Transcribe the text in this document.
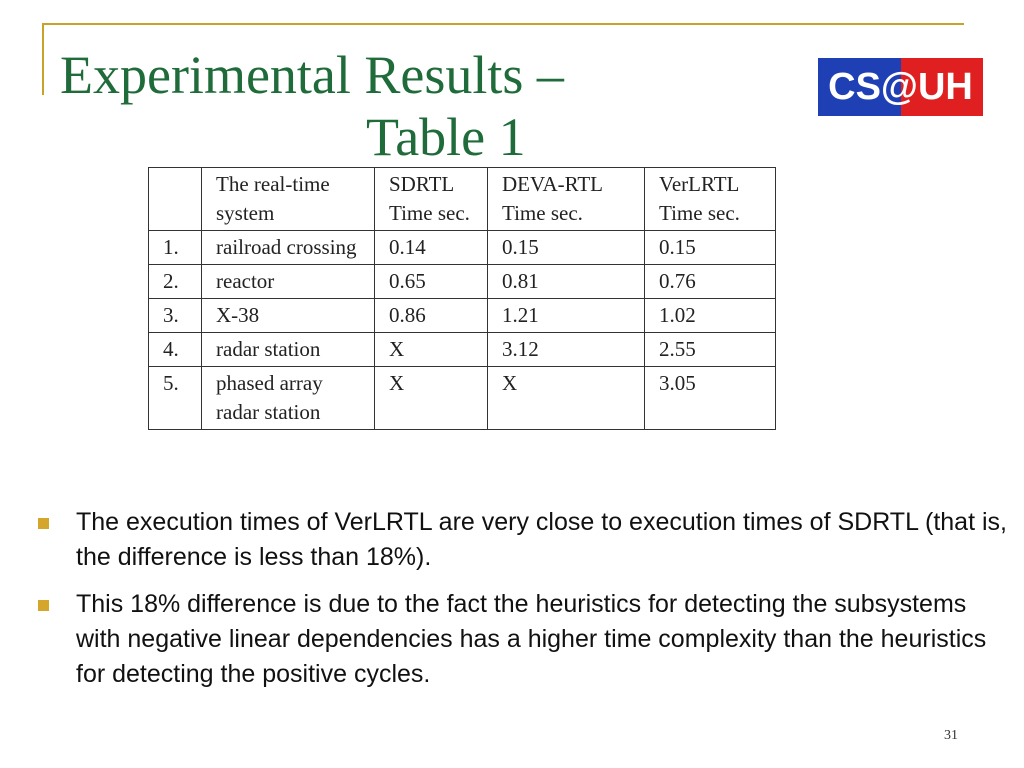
Experimental Results –
Table 1
CS@UH
	The real-time system	SDRTL Time sec.	DEVA-RTL Time sec.	VerLRTL Time sec.
1.	railroad crossing	0.14	0.15	0.15
2.	reactor	0.65	0.81	0.76
3.	X-38	0.86	1.21	1.02
4.	radar station	X	3.12	2.55
5.	phased array radar station	X	X	3.05
The execution times of VerLRTL are very close to execution times of SDRTL (that is, the difference is less than 18%).
This 18% difference is due to the fact the heuristics for detecting the subsystems with negative linear dependencies has a higher time complexity than the heuristics for detecting the positive cycles.
31
